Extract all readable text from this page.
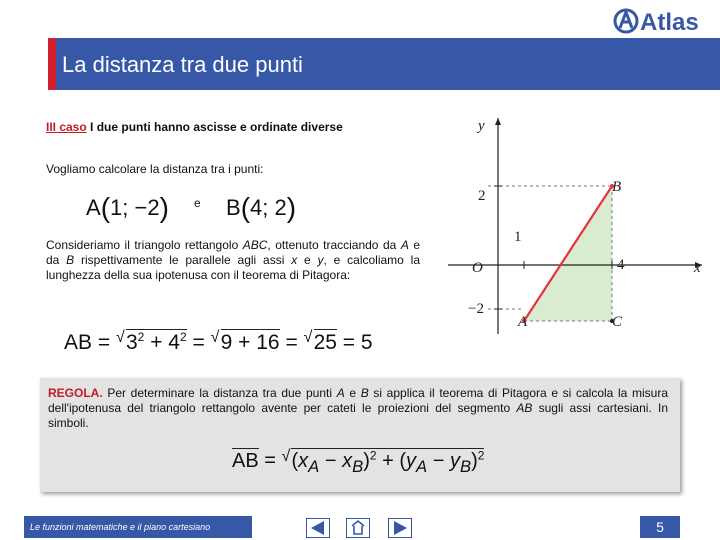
Atlas
La distanza tra due punti
III caso I due punti hanno ascisse e ordinate diverse
Vogliamo calcolare la distanza tra i punti:
A(1; −2) e B(4; 2)
Consideriamo il triangolo rettangolo ABC, ottenuto tracciando da A e da B rispettivamente le parallele agli assi x e y, e calcoliamo la lunghezza della sua ipotenusa con il teorema di Pitagora:
AB = √ $3^2 + 4^2$ = √ 9 + 16 = √ 25 = 5
y
x
O
2
−2
1
4
B
A	C
REGOLA. Per determinare la distanza tra due punti A e B si applica il teorema di Pitagora e si calcola la misura dell'ipotenusa del triangolo rettangolo avente per cateti le proiezioni del segmento AB sugli assi cartesiani. In simboli.
AB = √ $(x_A - x_B)^2 + (y_A - y_B)^2$
Le funzioni matematiche e il piano cartesiano	5
